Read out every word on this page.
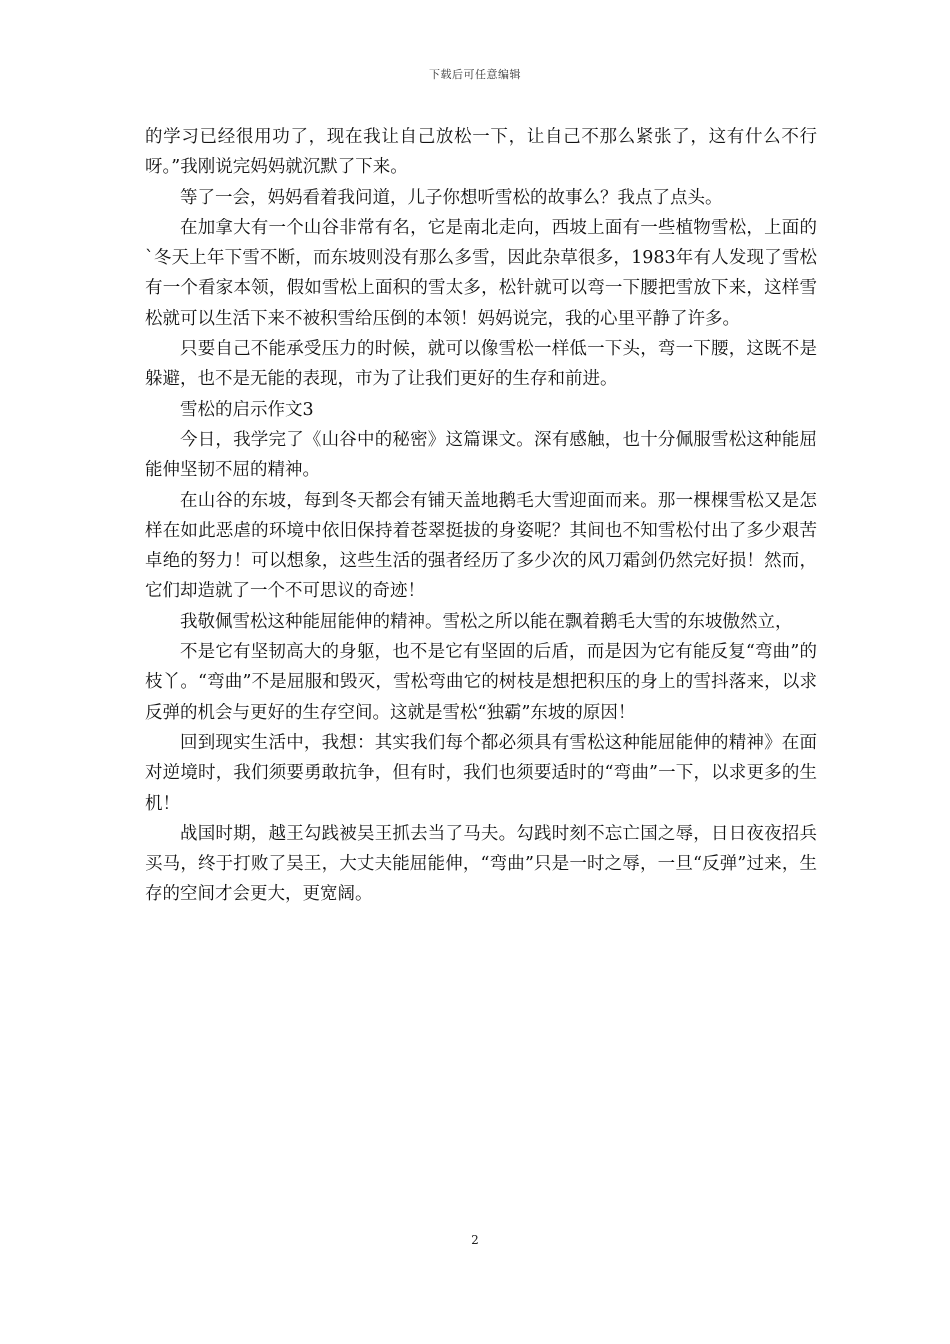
下载后可任意编辑

的学习已经很用功了，现在我让自己放松一下，让自己不那么紧张了，这有什么不行呀。”我刚说完妈妈就沉默了下来。

等了一会，妈妈看着我问道，儿子你想听雪松的故事么？我点了点头。

在加拿大有一个山谷非常有名，它是南北走向，西坡上面有一些植物雪松，上面的`冬天上年下雪不断，而东坡则没有那么多雪，因此杂草很多，1983年有人发现了雪松有一个看家本领，假如雪松上面积的雪太多，松针就可以弯一下腰把雪放下来，这样雪松就可以生活下来不被积雪给压倒的本领！妈妈说完，我的心里平静了许多。

只要自己不能承受压力的时候，就可以像雪松一样低一下头，弯一下腰，这既不是躲避，也不是无能的表现，市为了让我们更好的生存和前进。

雪松的启示作文3

今日，我学完了《山谷中的秘密》这篇课文。深有感触，也十分佩服雪松这种能屈能伸坚韧不屈的精神。

在山谷的东坡，每到冬天都会有铺天盖地鹅毛大雪迎面而来。那一棵棵雪松又是怎样在如此恶虐的环境中依旧保持着苍翠挺拔的身姿呢？其间也不知雪松付出了多少艰苦卓绝的努力！可以想象，这些生活的强者经历了多少次的风刀霜剑仍然完好损！然而，它们却造就了一个不可思议的奇迹！

我敬佩雪松这种能屈能伸的精神。雪松之所以能在飘着鹅毛大雪的东坡傲然立，

不是它有坚韧高大的身躯，也不是它有坚固的后盾，而是因为它有能反复“弯曲”的枝丫。“弯曲”不是屈服和毁灭，雪松弯曲它的树枝是想把积压的身上的雪抖落来，以求反弹的机会与更好的生存空间。这就是雪松“独霸”东坡的原因！

回到现实生活中，我想：其实我们每个都必须具有雪松这种能屈能伸的精神》在面对逆境时，我们须要勇敢抗争，但有时，我们也须要适时的“弯曲”一下，以求更多的生机！

战国时期，越王勾践被吴王抓去当了马夫。勾践时刻不忘亡国之辱，日日夜夜招兵买马，终于打败了吴王，大丈夫能屈能伸，“弯曲”只是一时之辱，一旦“反弹”过来，生存的空间才会更大，更宽阔。

2
